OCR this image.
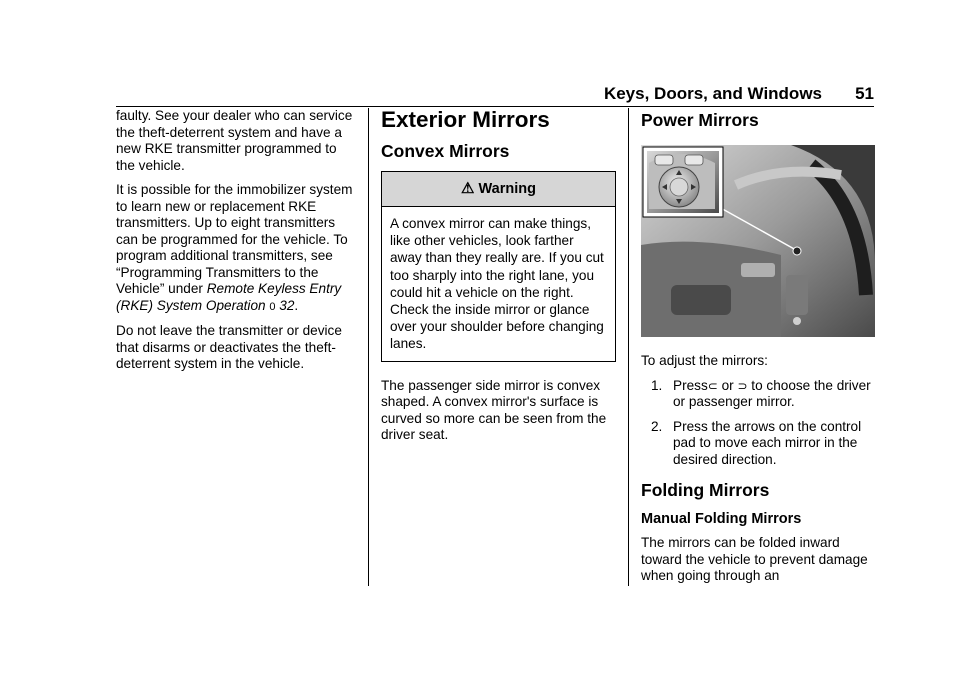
Keys, Doors, and Windows 51

faulty. See your dealer who can service the theft-deterrent system and have a new RKE transmitter programmed to the vehicle.

It is possible for the immobilizer system to learn new or replacement RKE transmitters. Up to eight transmitters can be programmed for the vehicle. To program additional transmitters, see “Programming Transmitters to the Vehicle” under Remote Keyless Entry (RKE) System Operation 0 32.

Do not leave the transmitter or device that disarms or deactivates the theft-deterrent system in the vehicle.

Exterior Mirrors
Convex Mirrors
⚠ Warning
A convex mirror can make things, like other vehicles, look farther away than they really are. If you cut too sharply into the right lane, you could hit a vehicle on the right. Check the inside mirror or glance over your shoulder before changing lanes.

The passenger side mirror is convex shaped. A convex mirror's surface is curved so more can be seen from the driver seat.

Power Mirrors

To adjust the mirrors:

1. Press⊂ or ⊃ to choose the driver or passenger mirror.
2. Press the arrows on the control pad to move each mirror in the desired direction.
Folding Mirrors
Manual Folding Mirrors

The mirrors can be folded inward toward the vehicle to prevent damage when going through an
